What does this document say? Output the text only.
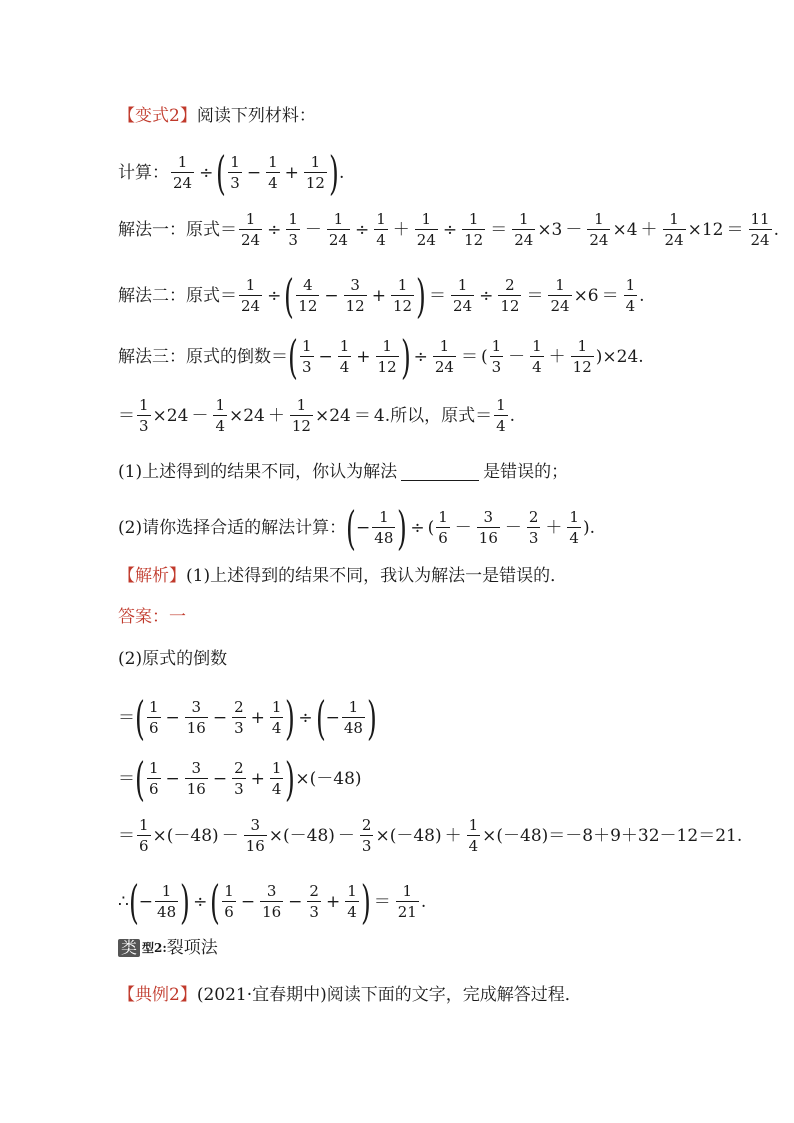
【变式2】 阅读下列材料：
计算： $\frac{1}{24}$ ÷ ( $\frac{1}{3} - \frac{1}{4} + \frac{1}{12}$ ) .
解法一：原式＝ $\frac{1}{24} \div \frac{1}{3} - \frac{1}{24} \div \frac{1}{4} + \frac{1}{24} \div \frac{1}{12} = \frac{1}{24} \times 3 - \frac{1}{24} \times 4 + \frac{1}{24} \times 12 = \frac{11}{24}$ .
解法二：原式＝ $\frac{1}{24}$ ÷ ( $\frac{4}{12} - \frac{3}{12} + \frac{1}{12}$ ) ＝ $\frac{1}{24} \div \frac{2}{12} = \frac{1}{24} \times 6 = \frac{1}{4}$ .
解法三：原式的倒数＝ ( $\frac{1}{3} - \frac{1}{4} + \frac{1}{12}$ ) ÷ $\frac{1}{24}$ ＝ ( $\frac{1}{3} - \frac{1}{4} + \frac{1}{12}$ ) ×24.
＝ $\frac{1}{3} \times 24 - \frac{1}{4} \times 24 + \frac{1}{12} \times 24 = 4$ .所以，原式＝ $\frac{1}{4}$ .
(1)上述得到的结果不同，你认为解法	是错误的；
(2)请你选择合适的解法计算： ( − $\frac{1}{48}$ ) ÷ ( $\frac{1}{6} - \frac{3}{16} - \frac{2}{3} + \frac{1}{4}$ ).
【解析】 (1)上述得到的结果不同，我认为解法一是错误的．
答案： 一
(2)原式的倒数
＝ ( $\frac{1}{6} - \frac{3}{16} - \frac{2}{3} + \frac{1}{4}$ ) ÷ ( − $\frac{1}{48}$ )
＝ ( $\frac{1}{6} - \frac{3}{16} - \frac{2}{3} + \frac{1}{4}$ ) ×(－48)
＝ $\frac{1}{6} \times(-48) - \frac{3}{16} \times(-48) - \frac{2}{3} \times(-48) + \frac{1}{4} \times(-48) =-8+9+32-12=21$.
∴ ( − $\frac{1}{48}$ ) ÷ ( $\frac{1}{6} - \frac{3}{16} - \frac{2}{3} + \frac{1}{4}$ ) ＝ $\frac{1}{21}$ .
类 型2: 裂项法
【典例2】 (2021·宜春期中)阅读下面的文字，完成解答过程．
